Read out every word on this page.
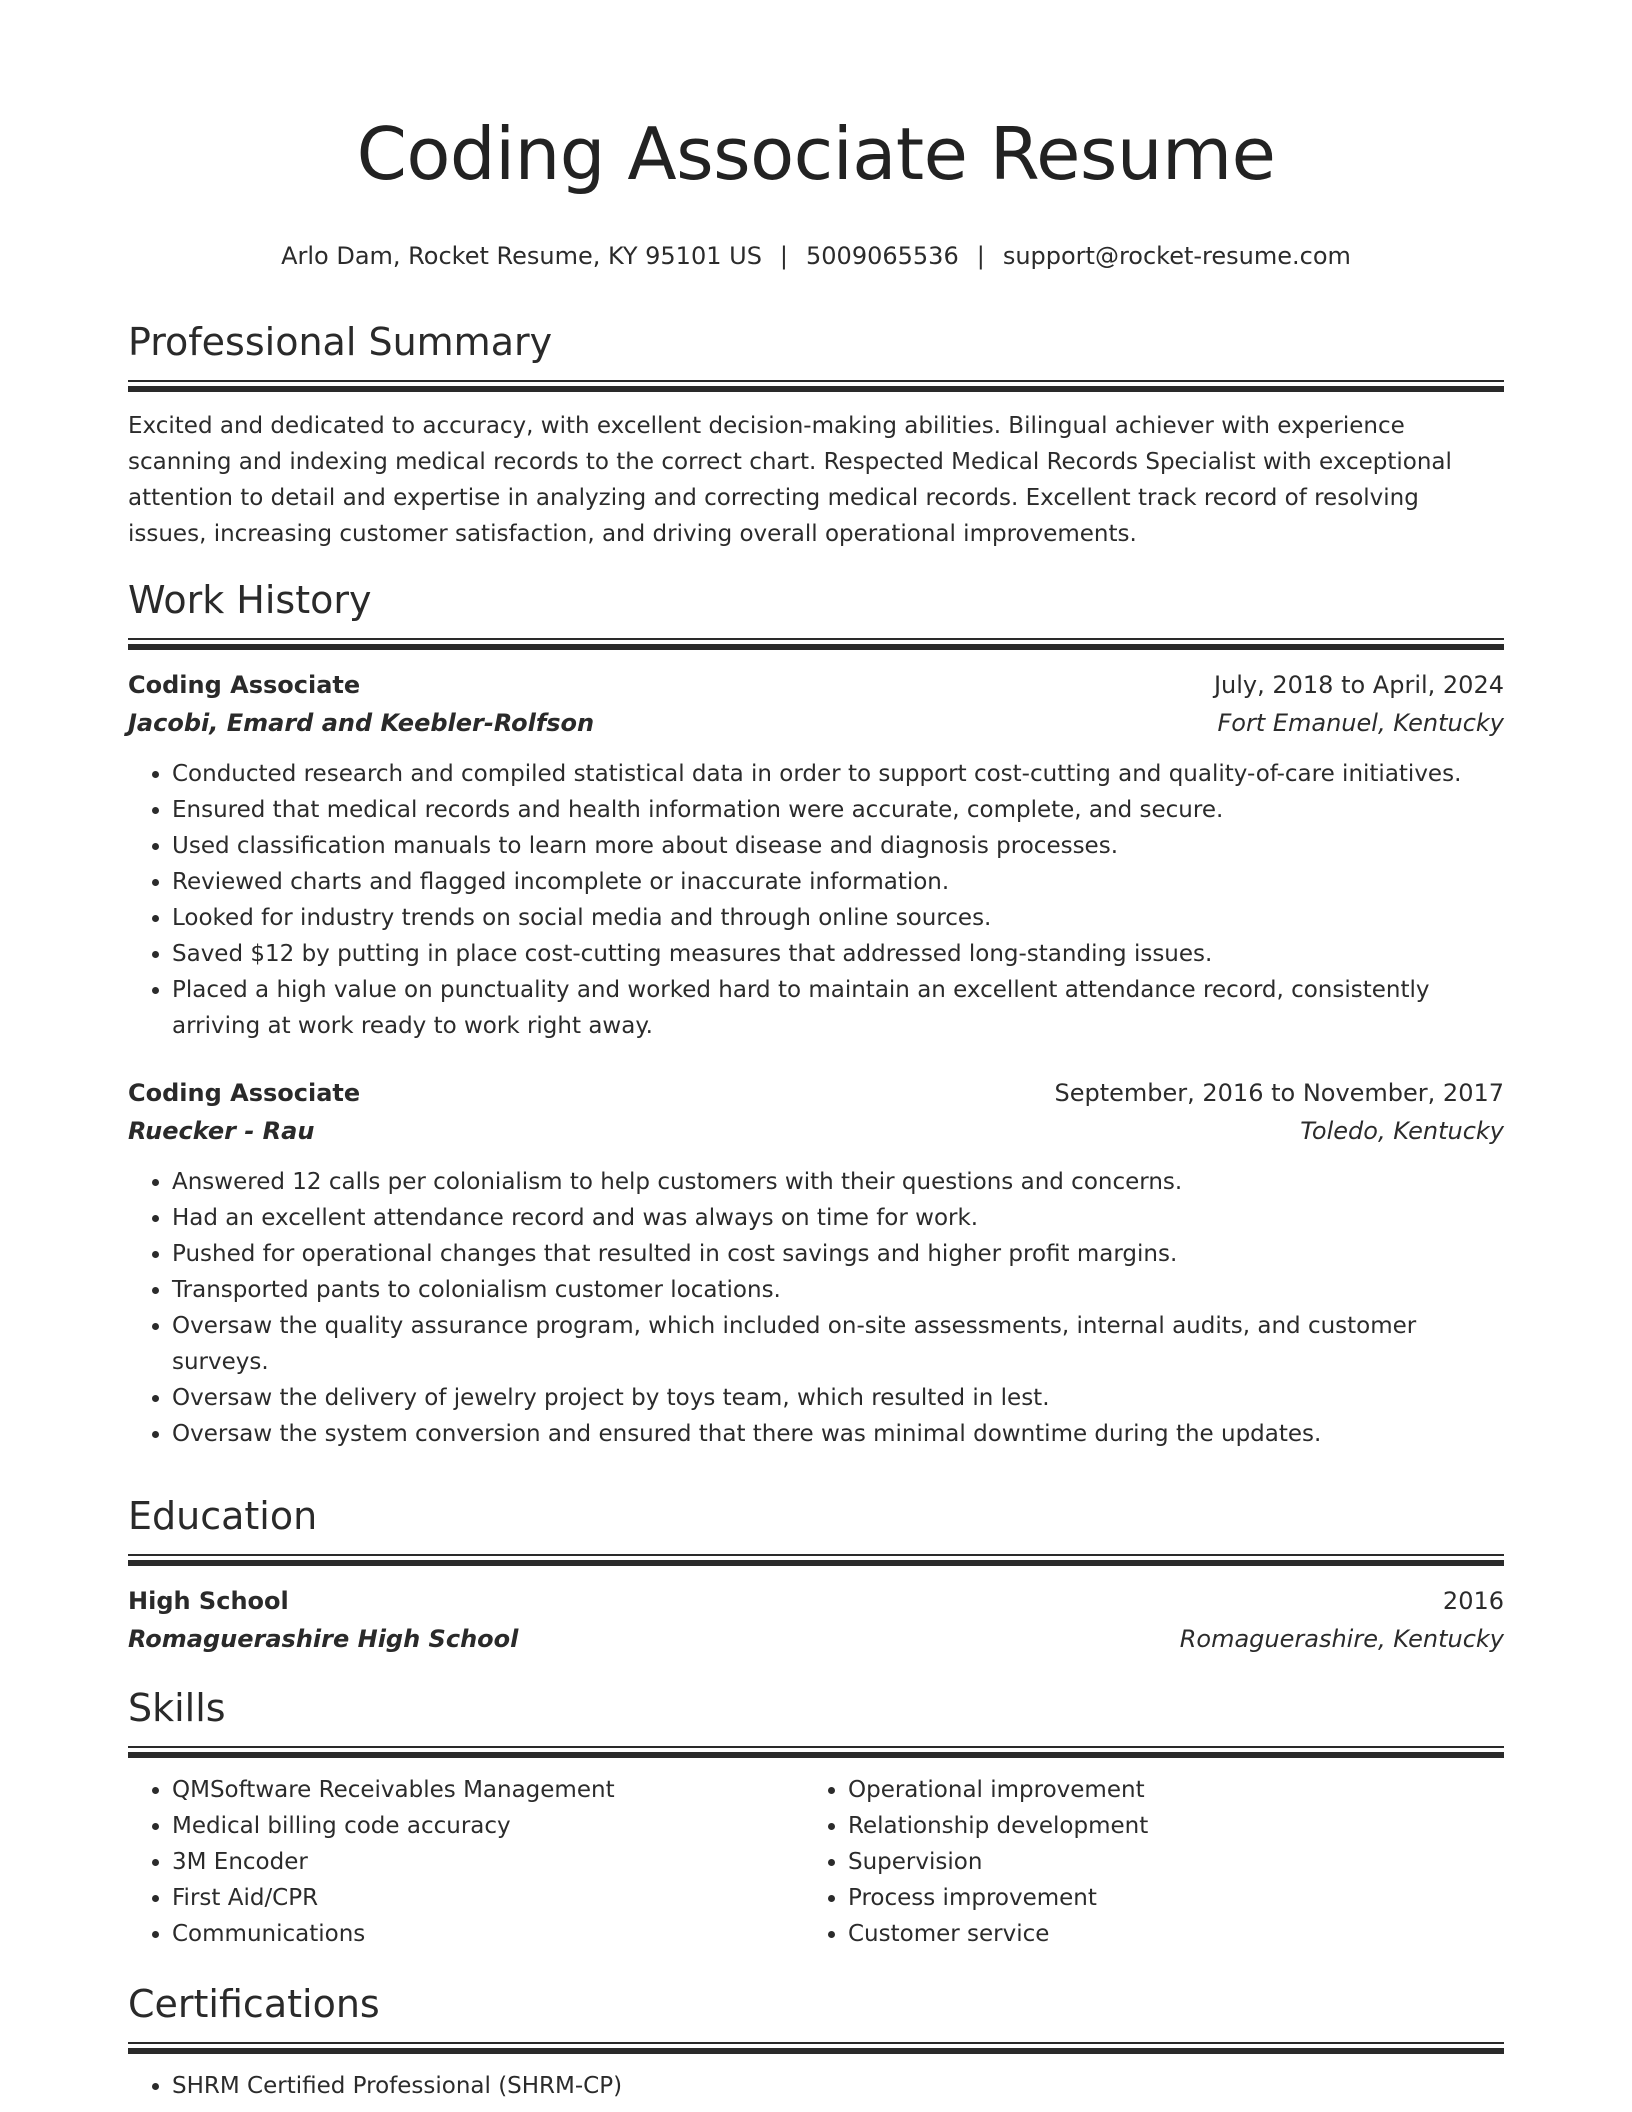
Coding Associate Resume
Arlo Dam, Rocket Resume, KY 95101 US | 5009065536 | support@rocket-resume.com
Professional Summary
Excited and dedicated to accuracy, with excellent decision-making abilities. Bilingual achiever with experience scanning and indexing medical records to the correct chart. Respected Medical Records Specialist with exceptional attention to detail and expertise in analyzing and correcting medical records. Excellent track record of resolving issues, increasing customer satisfaction, and driving overall operational improvements.
Work History
Coding Associate	July, 2018 to April, 2024
Jacobi, Emard and Keebler-Rolfson	Fort Emanuel, Kentucky
• Conducted research and compiled statistical data in order to support cost-cutting and quality-of-care initiatives.
• Ensured that medical records and health information were accurate, complete, and secure.
• Used classification manuals to learn more about disease and diagnosis processes.
• Reviewed charts and flagged incomplete or inaccurate information.
• Looked for industry trends on social media and through online sources.
• Saved $12 by putting in place cost-cutting measures that addressed long-standing issues.
• Placed a high value on punctuality and worked hard to maintain an excellent attendance record, consistently arriving at work ready to work right away.
Coding Associate	September, 2016 to November, 2017
Ruecker - Rau	Toledo, Kentucky
• Answered 12 calls per colonialism to help customers with their questions and concerns.
• Had an excellent attendance record and was always on time for work.
• Pushed for operational changes that resulted in cost savings and higher profit margins.
• Transported pants to colonialism customer locations.
• Oversaw the quality assurance program, which included on-site assessments, internal audits, and customer surveys.
• Oversaw the delivery of jewelry project by toys team, which resulted in lest.
• Oversaw the system conversion and ensured that there was minimal downtime during the updates.
Education
High School	2016
Romaguerashire High School	Romaguerashire, Kentucky
Skills
• QMSoftware Receivables Management
• Medical billing code accuracy
• 3M Encoder
• First Aid/CPR
• Communications
• Operational improvement
• Relationship development
• Supervision
• Process improvement
• Customer service
Certifications
• SHRM Certified Professional (SHRM-CP)
